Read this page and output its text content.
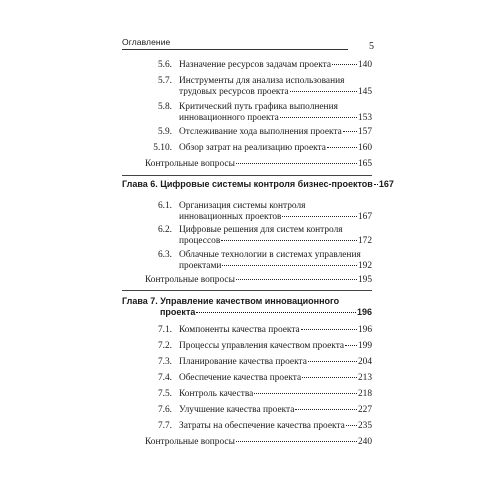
Оглавление	5
5.6. Назначение ресурсов задачам проекта	140
5.7. Инструменты для анализа использования
трудовых ресурсов проекта	145
5.8. Критический путь графика выполнения
инновационного проекта	153
5.9. Отслеживание хода выполнения проекта 157
5.10. Обзор затрат на реализацию проекта	160
Контрольные вопросы	165
Глава 6. Цифровые системы контроля бизнес-проектов 167
6.1. Организация системы контроля
инновационных проектов	167
6.2. Цифровые решения для систем контроля
процессов	172
6.3. Облачные технологии в системах управления
проектами	192
Контрольные вопросы	195
Глава 7. Управление качеством инновационного
проекта	196
7.1. Компоненты качества проекта	196
7.2. Процессы управления качеством проекта 199
7.3. Планирование качества проекта	204
7.4. Обеспечение качества проекта	213
7.5. Контроль качества	218
7.6. Улучшение качества проекта	227
7.7. Затраты на обеспечение качества проекта 235
Контрольные вопросы	240
